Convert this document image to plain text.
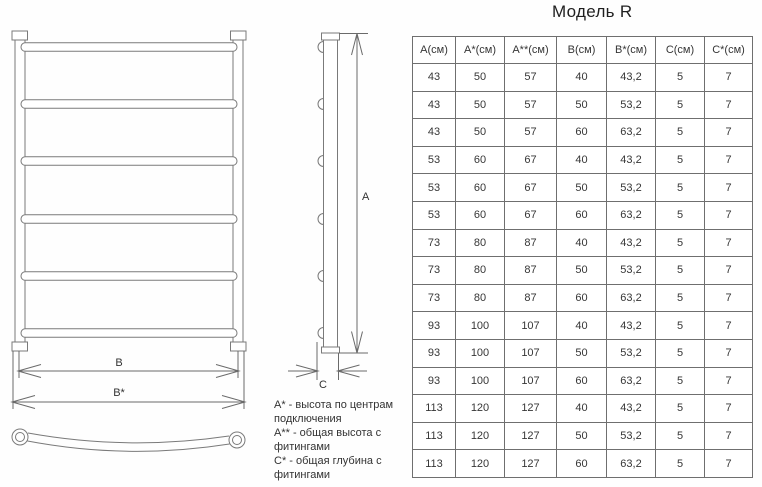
В
В*
А
С
А* - высота по центрам подключения
А** - общая высота с фитингами
С* - общая глубина с фитингами
Модель R
А(см)	А*(см)	А**(см)	В(см)	В*(см)	С(см)	С*(см)
43	50	57	40	43,2	5	7
43	50	57	50	53,2	5	7
43	50	57	60	63,2	5	7
53	60	67	40	43,2	5	7
53	60	67	50	53,2	5	7
53	60	67	60	63,2	5	7
73	80	87	40	43,2	5	7
73	80	87	50	53,2	5	7
73	80	87	60	63,2	5	7
93	100	107	40	43,2	5	7
93	100	107	50	53,2	5	7
93	100	107	60	63,2	5	7
113	120	127	40	43,2	5	7
113	120	127	50	53,2	5	7
113	120	127	60	63,2	5	7
